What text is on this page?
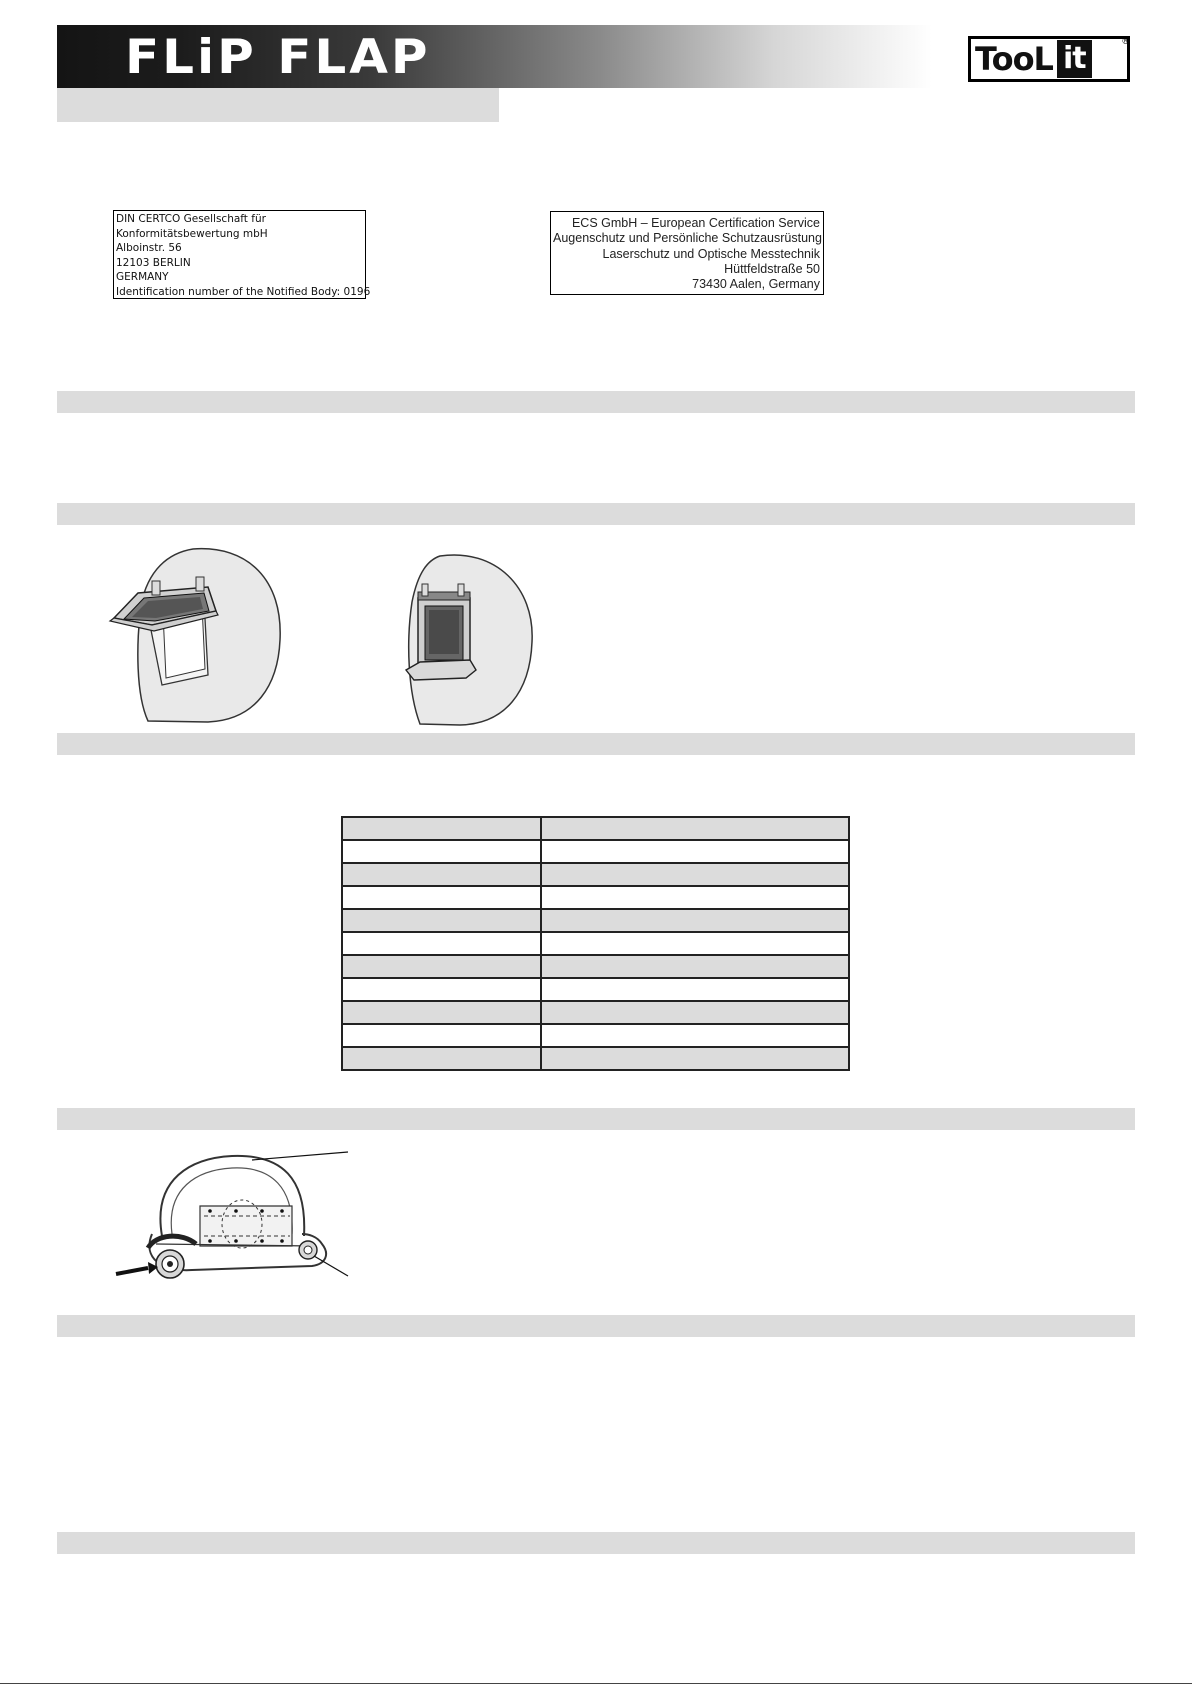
FLiP FLAP	TooL it	®
DIN CERTCO Gesellschaft für
Konformitätsbewertung mbH
Alboinstr. 56
12103 BERLIN
GERMANY
Identification number of the Notified Body: 0196
ECS GmbH – European Certification Service
Augenschutz und Persönliche Schutzausrüstung
Laserschutz und Optische Messtechnik
Hüttfeldstraße 50
73430 Aalen, Germany
